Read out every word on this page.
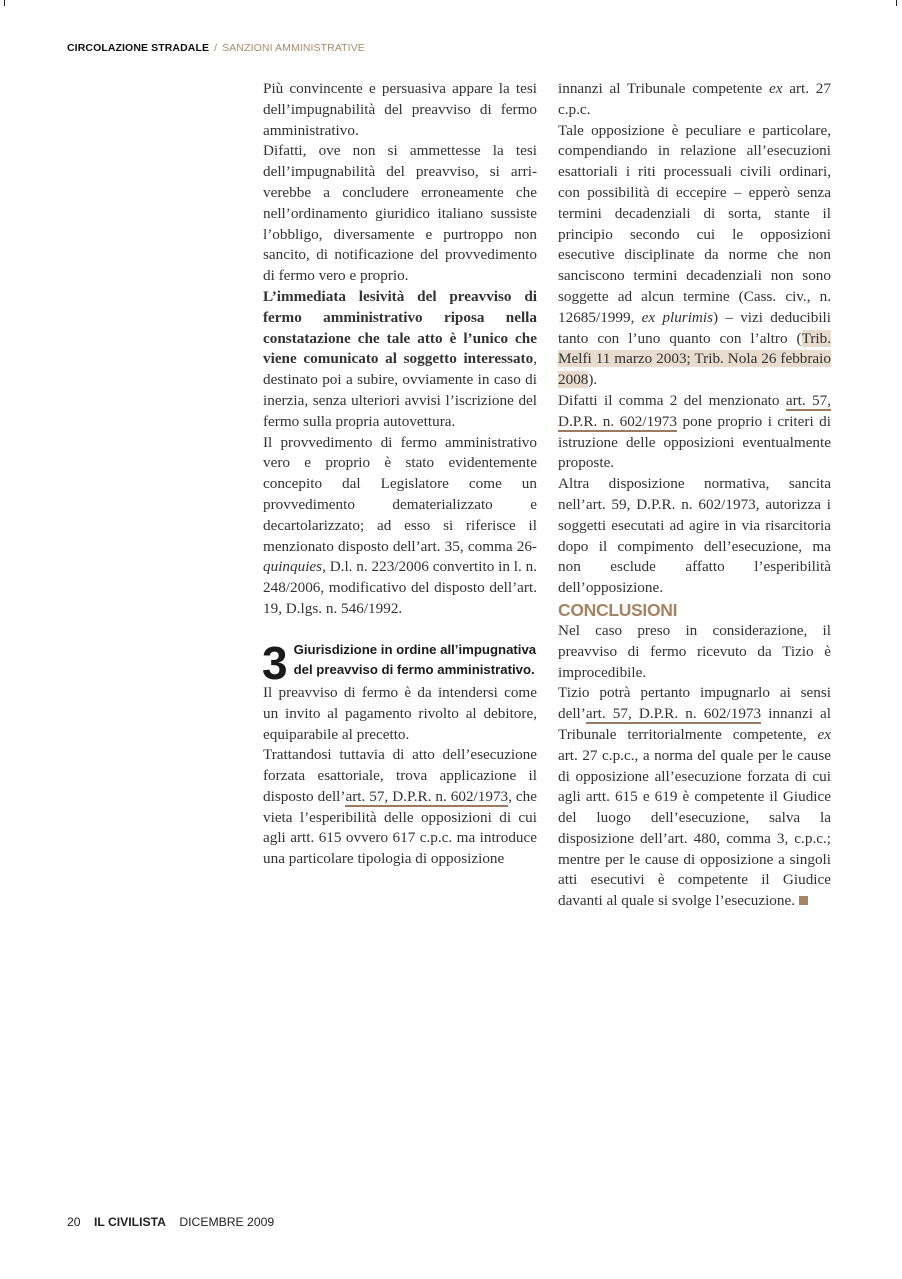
CIRCOLAZIONE STRADALE / SANZIONI AMMINISTRATIVE

Più convincente e persuasiva appare la tesi dell’impugnabilità del preavviso di fermo amministrativo.

Difatti, ove non si ammettesse la tesi dell’impugnabilità del preavviso, si arriverebbe a concludere erroneamente che nell’ordinamento giuridico italiano sussiste l’obbligo, diversamente e purtroppo non sancito, di notificazione del provvedimento di fermo vero e proprio.

L’immediata lesività del preavviso di fermo amministrativo riposa nella constatazione che tale atto è l’unico che viene comunicato al soggetto interessato, destinato poi a subire, ovviamente in caso di inerzia, senza ulteriori avvisi l’iscrizione del fermo sulla propria autovettura.

Il provvedimento di fermo amministrativo vero e proprio è stato evidentemente concepito dal Legislatore come un provvedimento dematerializzato e decartolarizzato; ad esso si riferisce il menzionato disposto dell’art. 35, comma 26-quinquies, D.l. n. 223/2006 convertito in l. n. 248/2006, modificativo del disposto dell’art. 19, D.lgs. n. 546/1992.

3 Giurisdizione in ordine all’impugnativa del preavviso di fermo amministrativo.

Il preavviso di fermo è da intendersi come un invito al pagamento rivolto al debitore, equiparabile al precetto.

Trattandosi tuttavia di atto dell’esecuzione forzata esattoriale, trova applicazione il disposto dell’art. 57, D.P.R. n. 602/1973, che vieta l’esperibilità delle opposizioni di cui agli artt. 615 ovvero 617 c.p.c. ma introduce una particolare tipologia di opposizione

innanzi al Tribunale competente ex art. 27 c.p.c.

Tale opposizione è peculiare e particolare, compendiando in relazione all’esecuzioni esattoriali i riti processuali civili ordinari, con possibilità di eccepire – epperò senza termini decadenziali di sorta, stante il principio secondo cui le opposizioni esecutive disciplinate da norme che non sanciscono termini decadenziali non sono soggette ad alcun termine (Cass. civ., n. 12685/1999, ex plurimis) – vizi deducibili tanto con l’uno quanto con l’altro (Trib. Melfi 11 marzo 2003; Trib. Nola 26 febbraio 2008).

Difatti il comma 2 del menzionato art. 57, D.P.R. n. 602/1973 pone proprio i criteri di istruzione delle opposizioni eventualmente proposte.

Altra disposizione normativa, sancita nell’art. 59, D.P.R. n. 602/1973, autorizza i soggetti esecutati ad agire in via risarcitoria dopo il compimento dell’esecuzione, ma non esclude affatto l’esperibilità dell’opposizione.

CONCLUSIONI

Nel caso preso in considerazione, il preavviso di fermo ricevuto da Tizio è improcedibile.

Tizio potrà pertanto impugnarlo ai sensi dell’art. 57, D.P.R. n. 602/1973 innanzi al Tribunale territorialmente competente, ex art. 27 c.p.c., a norma del quale per le cause di opposizione all’esecuzione forzata di cui agli artt. 615 e 619 è competente il Giudice del luogo dell’esecuzione, salva la disposizione dell’art. 480, comma 3, c.p.c.; mentre per le cause di opposizione a singoli atti esecutivi è competente il Giudice davanti al quale si svolge l’esecuzione.

20 IL CIVILISTA DICEMBRE 2009
